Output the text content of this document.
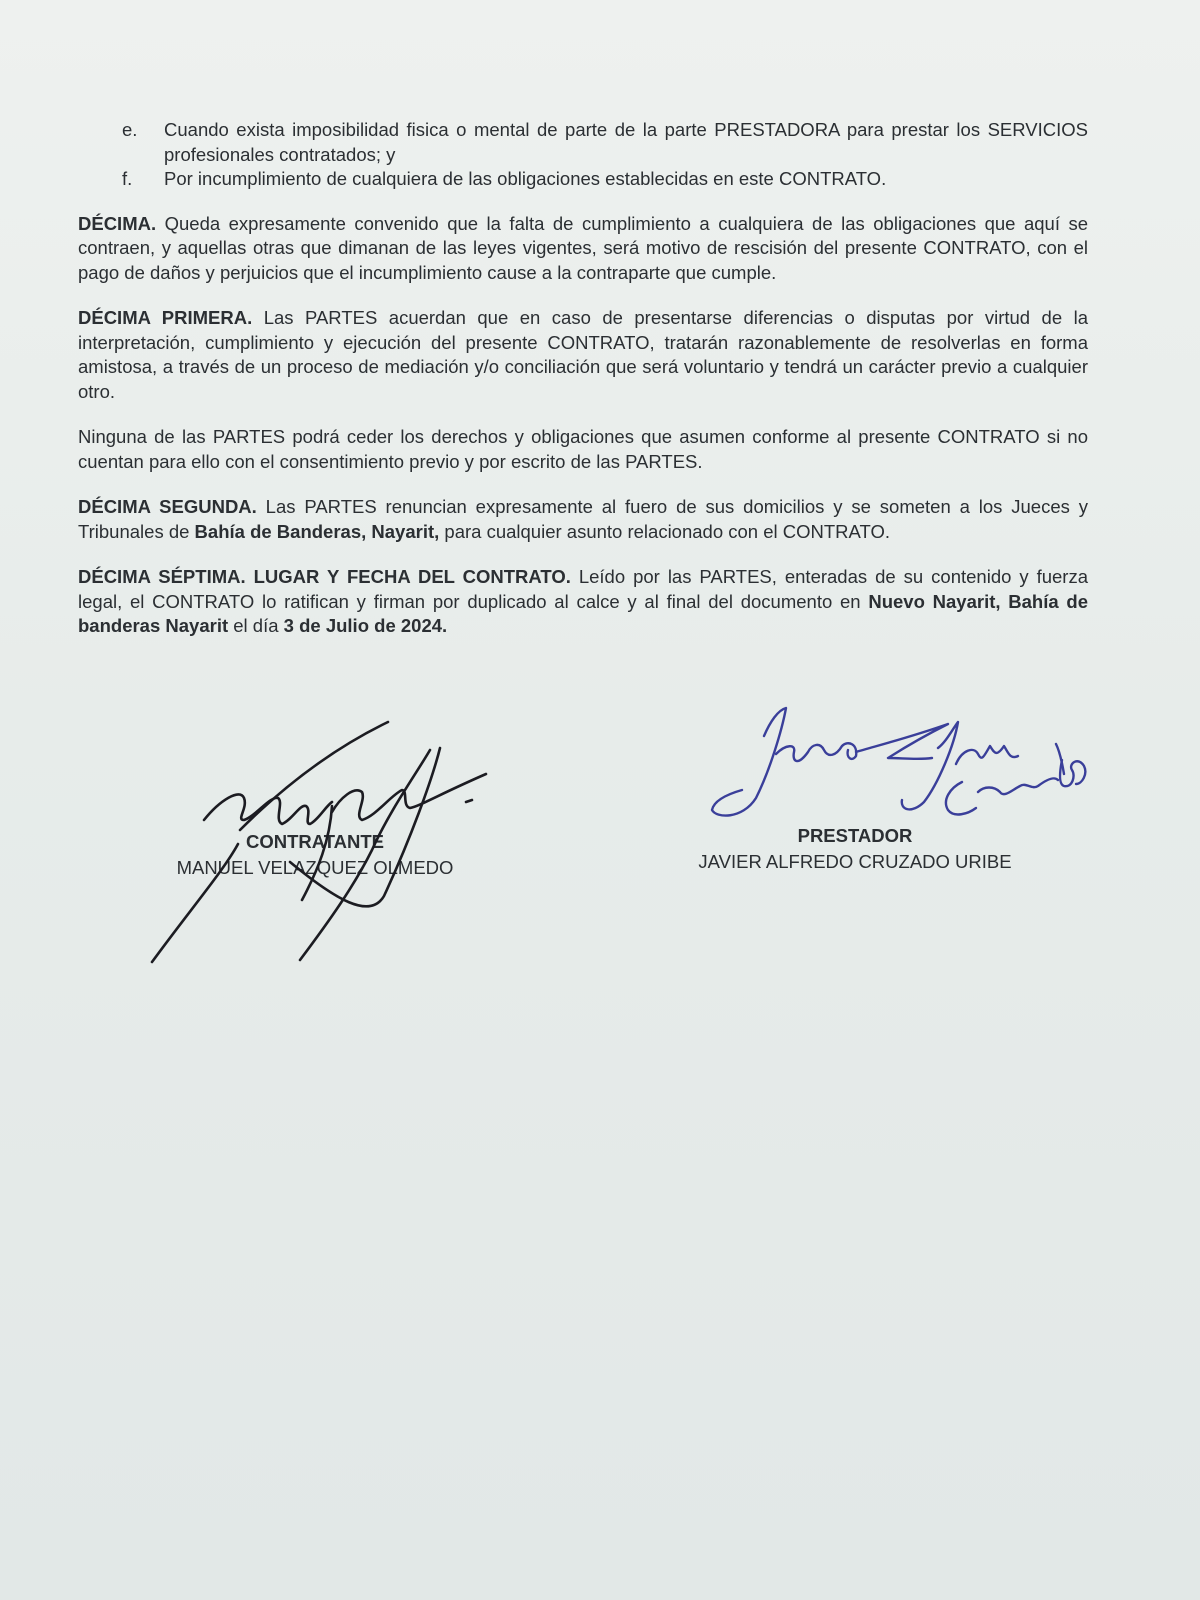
e.	Cuando exista imposibilidad fisica o mental de parte de la parte PRESTADORA para prestar los SERVICIOS profesionales contratados; y
f.	Por incumplimiento de cualquiera de las obligaciones establecidas en este CONTRATO.

DÉCIMA. Queda expresamente convenido que la falta de cumplimiento a cualquiera de las obligaciones que aquí se contraen, y aquellas otras que dimanan de las leyes vigentes, será motivo de rescisión del presente CONTRATO, con el pago de daños y perjuicios que el incumplimiento cause a la contraparte que cumple.

DÉCIMA PRIMERA. Las PARTES acuerdan que en caso de presentarse diferencias o disputas por virtud de la interpretación, cumplimiento y ejecución del presente CONTRATO, tratarán razonablemente de resolverlas en forma amistosa, a través de un proceso de mediación y/o conciliación que será voluntario y tendrá un carácter previo a cualquier otro.

Ninguna de las PARTES podrá ceder los derechos y obligaciones que asumen conforme al presente CONTRATO si no cuentan para ello con el consentimiento previo y por escrito de las PARTES.

DÉCIMA SEGUNDA. Las PARTES renuncian expresamente al fuero de sus domicilios y se someten a los Jueces y Tribunales de Bahía de Banderas, Nayarit, para cualquier asunto relacionado con el CONTRATO.

DÉCIMA SÉPTIMA. LUGAR Y FECHA DEL CONTRATO. Leído por las PARTES, enteradas de su contenido y fuerza legal, el CONTRATO lo ratifican y firman por duplicado al calce y al final del documento en Nuevo Nayarit, Bahía de banderas Nayarit el día 3 de Julio de 2024.

CONTRATANTE
MANUEL VELAZQUEZ OLMEDO
PRESTADOR
JAVIER ALFREDO CRUZADO URIBE
